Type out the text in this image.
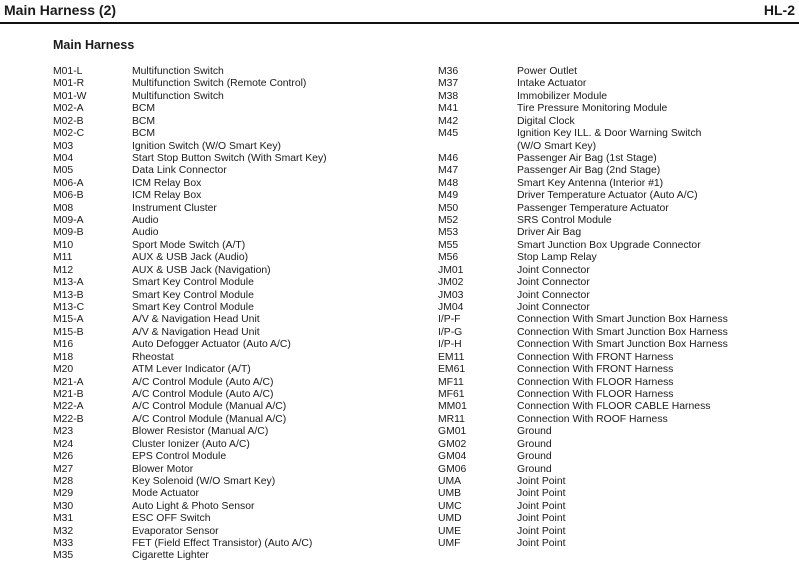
Main Harness (2)	HL-2
Main Harness
M01-L	Multifunction Switch
M01-R	Multifunction Switch (Remote Control)
M01-W	Multifunction Switch
M02-A	BCM
M02-B	BCM
M02-C	BCM
M03	Ignition Switch (W/O Smart Key)
M04	Start Stop Button Switch (With Smart Key)
M05	Data Link Connector
M06-A	ICM Relay Box
M06-B	ICM Relay Box
M08	Instrument Cluster
M09-A	Audio
M09-B	Audio
M10	Sport Mode Switch (A/T)
M11	AUX & USB Jack (Audio)
M12	AUX & USB Jack (Navigation)
M13-A	Smart Key Control Module
M13-B	Smart Key Control Module
M13-C	Smart Key Control Module
M15-A	A/V & Navigation Head Unit
M15-B	A/V & Navigation Head Unit
M16	Auto Defogger Actuator (Auto A/C)
M18	Rheostat
M20	ATM Lever Indicator (A/T)
M21-A	A/C Control Module (Auto A/C)
M21-B	A/C Control Module (Auto A/C)
M22-A	A/C Control Module (Manual A/C)
M22-B	A/C Control Module (Manual A/C)
M23	Blower Resistor (Manual A/C)
M24	Cluster Ionizer (Auto A/C)
M26	EPS Control Module
M27	Blower Motor
M28	Key Solenoid (W/O Smart Key)
M29	Mode Actuator
M30	Auto Light & Photo Sensor
M31	ESC OFF Switch
M32	Evaporator Sensor
M33	FET (Field Effect Transistor) (Auto A/C)
M35	Cigarette Lighter
M36	Power Outlet
M37	Intake Actuator
M38	Immobilizer Module
M41	Tire Pressure Monitoring Module
M42	Digital Clock
M45	Ignition Key ILL. & Door Warning Switch
(W/O Smart Key)
M46	Passenger Air Bag (1st Stage)
M47	Passenger Air Bag (2nd Stage)
M48	Smart Key Antenna (Interior #1)
M49	Driver Temperature Actuator (Auto A/C)
M50	Passenger Temperature Actuator
M52	SRS Control Module
M53	Driver Air Bag
M55	Smart Junction Box Upgrade Connector
M56	Stop Lamp Relay
JM01	Joint Connector
JM02	Joint Connector
JM03	Joint Connector
JM04	Joint Connector
I/P-F	Connection With Smart Junction Box Harness
I/P-G	Connection With Smart Junction Box Harness
I/P-H	Connection With Smart Junction Box Harness
EM11	Connection With FRONT Harness
EM61	Connection With FRONT Harness
MF11	Connection With FLOOR Harness
MF61	Connection With FLOOR Harness
MM01	Connection With FLOOR CABLE Harness
MR11	Connection With ROOF Harness
GM01	Ground
GM02	Ground
GM04	Ground
GM06	Ground
UMA	Joint Point
UMB	Joint Point
UMC	Joint Point
UMD	Joint Point
UME	Joint Point
UMF	Joint Point
